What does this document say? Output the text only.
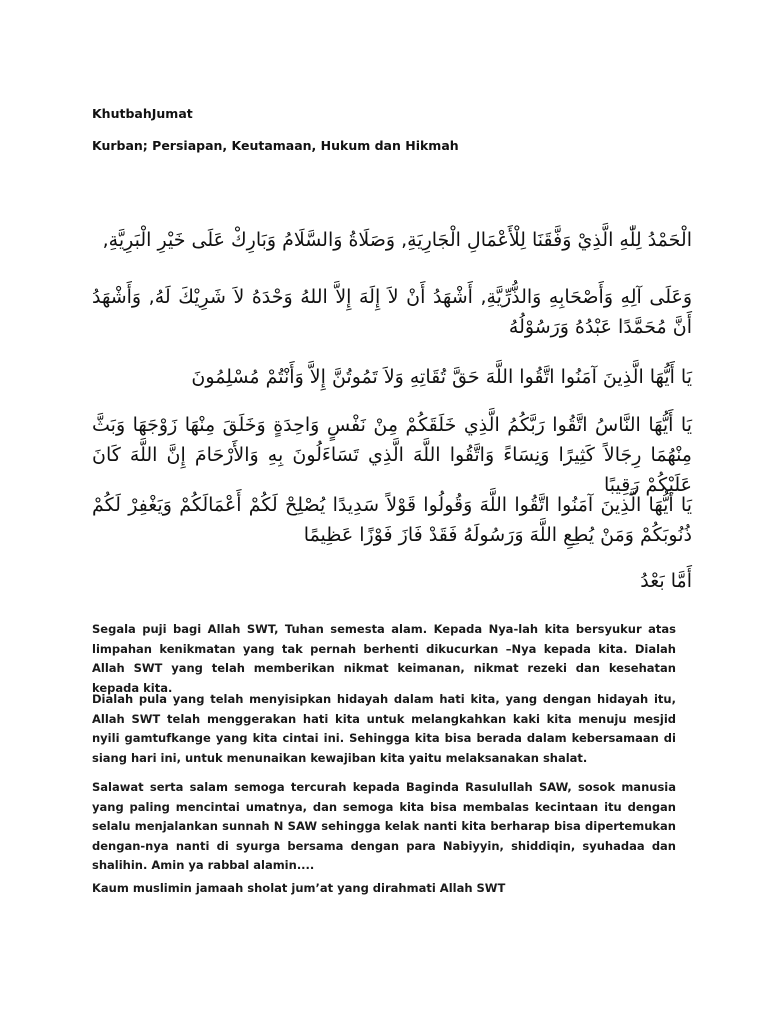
KhutbahJumat

Kurban; Persiapan, Keutamaan, Hukum dan Hikmah

الْحَمْدُ لِلّٰهِ الَّذِيْ وَفَّقَنَا لِلْأَعْمَالِ الْجَارِيَةِ, وَصَلَاةُ وَالسَّلَامُ وَبَارِكْ عَلَى خَيْرِ الْبَرِيَّةِ,

وَعَلَى آلِهِ وَأَصْحَابِهِ وَالذُّرِّيَّةِ, أَشْهَدُ أَنْ لاَ إِلَهَ إِلاَّ اللهُ وَحْدَهُ لاَ شَرِيْكَ لَهُ, وَأَشْهَدُ أَنَّ مُحَمَّدًا عَبْدُهُ وَرَسُوْلُهُ

يَا أَيُّهَا الَّذِينَ آمَنُوا اتَّقُوا اللَّهَ حَقَّ تُقَاتِهِ وَلاَ تَمُوتُنَّ إِلاَّ وَأَنْتُمْ مُسْلِمُونَ

يَا أَيُّهَا النَّاسُ اتَّقُوا رَبَّكُمُ الَّذِي خَلَقَكُمْ مِنْ نَفْسٍ وَاحِدَةٍ وَخَلَقَ مِنْهَا زَوْجَهَا وَبَثَّ مِنْهُمَا رِجَالاً كَثِيرًا وَنِسَاءً وَاتَّقُوا اللَّهَ الَّذِي تَسَاءَلُونَ بِهِ وَالأَرْحَامَ إِنَّ اللَّهَ كَانَ عَلَيْكُمْ رَقِيبًا

يَا أَيُّهَا الَّذِينَ آمَنُوا اتَّقُوا اللَّهَ وَقُولُوا قَوْلاً سَدِيدًا يُصْلِحْ لَكُمْ أَعْمَالَكُمْ وَيَغْفِرْ لَكُمْ ذُنُوبَكُمْ وَمَنْ يُطِعِ اللَّهَ وَرَسُولَهُ فَقَدْ فَازَ فَوْزًا عَظِيمًا

أَمَّا بَعْدُ

Segala puji bagi Allah SWT, Tuhan semesta alam. Kepada Nya-lah kita bersyukur atas limpahan kenikmatan yang tak pernah berhenti dikucurkan –Nya kepada kita. Dialah Allah SWT yang telah memberikan nikmat keimanan, nikmat rezeki dan kesehatan kepada kita.

Dialah pula yang telah menyisipkan hidayah dalam hati kita, yang dengan hidayah itu, Allah SWT telah menggerakan hati kita untuk melangkahkan kaki kita menuju mesjid nyili gamtufkange yang kita cintai ini. Sehingga kita bisa berada dalam kebersamaan di siang hari ini, untuk menunaikan kewajiban kita yaitu melaksanakan shalat.

Salawat serta salam semoga tercurah kepada Baginda Rasulullah SAW, sosok manusia yang paling mencintai umatnya, dan semoga kita bisa membalas kecintaan itu dengan selalu menjalankan sunnah N SAW sehingga kelak nanti kita berharap bisa dipertemukan dengan-nya nanti di syurga bersama dengan para Nabiyyin, shiddiqin, syuhadaa dan shalihin. Amin ya rabbal alamin....

Kaum muslimin jamaah sholat jum’at yang dirahmati Allah SWT
